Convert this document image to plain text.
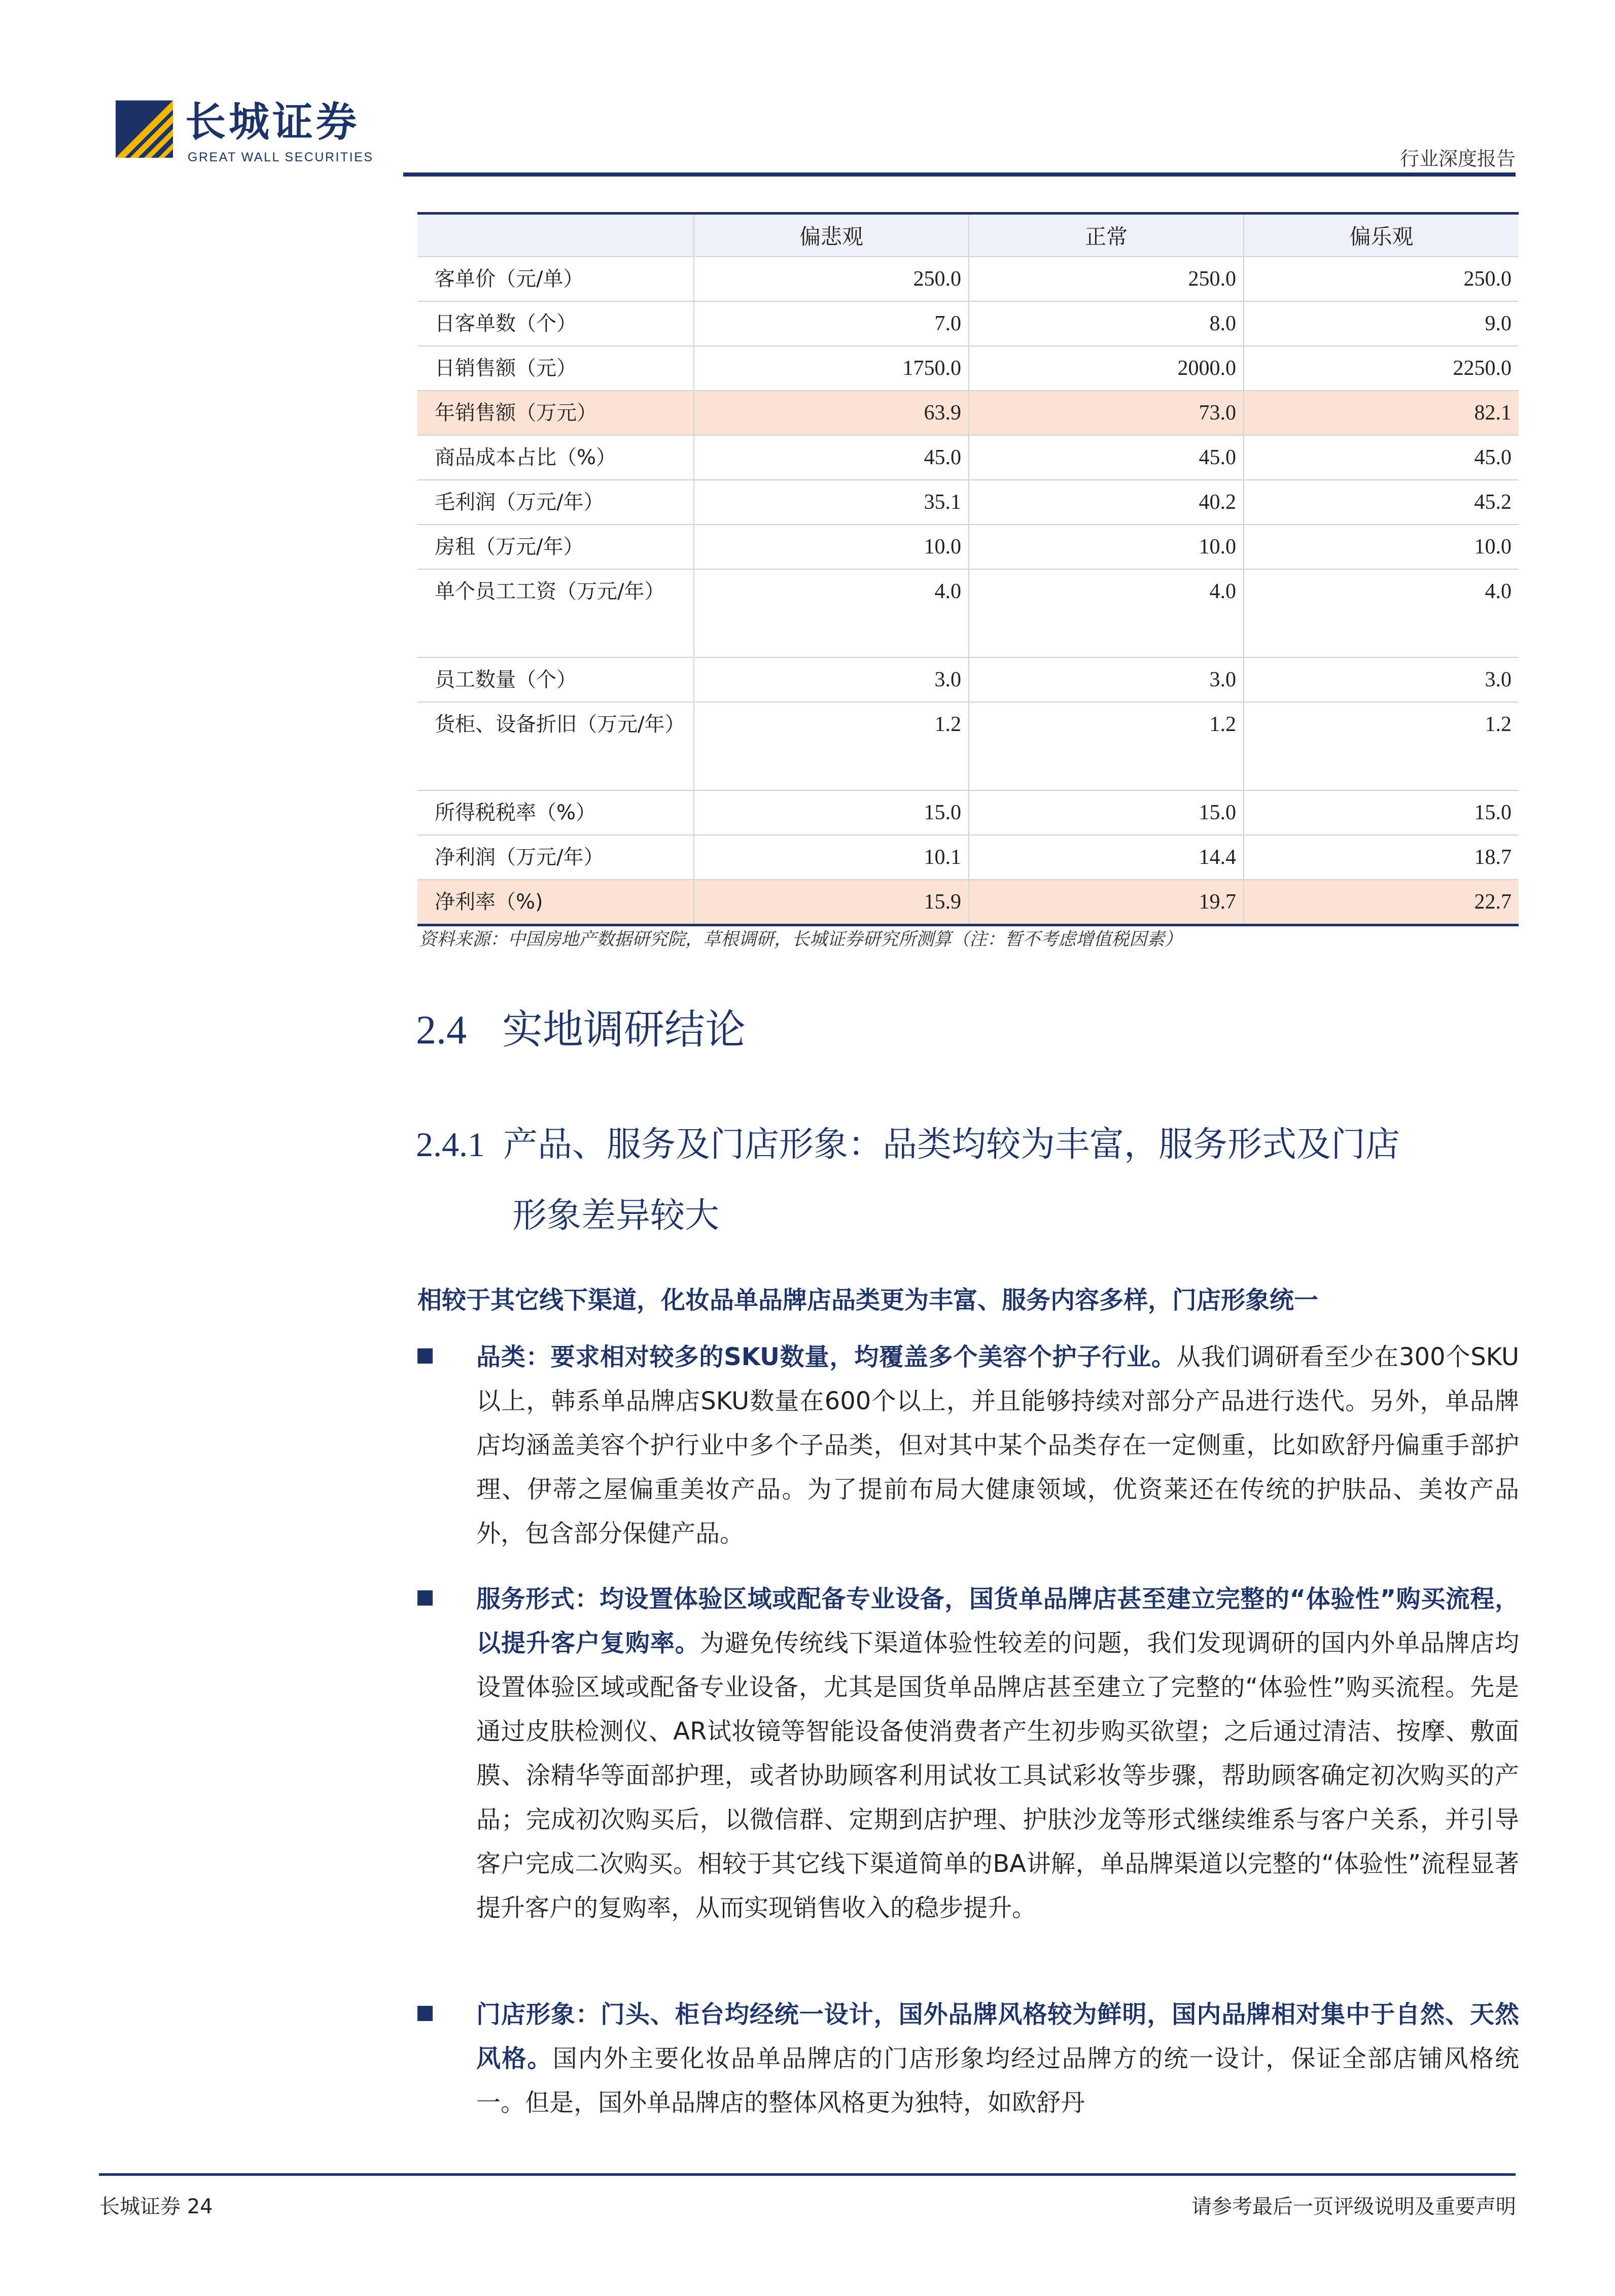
长城证券
GREAT WALL SECURITIES	行业深度报告
	偏悲观	正常	偏乐观
客单价（元/单）	250.0	250.0	250.0
日客单数（个）	7.0	8.0	9.0
日销售额（元）	1750.0	2000.0	2250.0
年销售额（万元）	63.9	73.0	82.1
商品成本占比（%）	45.0	45.0	45.0
毛利润（万元/年）	35.1	40.2	45.2
房租（万元/年）	10.0	10.0	10.0
单个员工工资（万元/年）	4.0	4.0	4.0
员工数量（个）	3.0	3.0	3.0
货柜、设备折旧（万元/年）	1.2	1.2	1.2
所得税税率（%）	15.0	15.0	15.0
净利润（万元/年）	10.1	14.4	18.7
净利率（%)	15.9	19.7	22.7
资料来源：中国房地产数据研究院，草根调研，长城证券研究所测算（注：暂不考虑增值税因素）
2.4 实地调研结论
2.4.1 产品、服务及门店形象：品类均较为丰富，服务形式及门店
形象差异较大
相较于其它线下渠道，化妆品单品牌店品类更为丰富、服务内容多样，门店形象统一
品类：要求相对较多的SKU数量，均覆盖多个美容个护子行业。从我们调研看至少在300个SKU以上，韩系单品牌店SKU数量在600个以上，并且能够持续对部分产品进行迭代。另外，单品牌店均涵盖美容个护行业中多个子品类，但对其中某个品类存在一定侧重，比如欧舒丹偏重手部护理、伊蒂之屋偏重美妆产品。为了提前布局大健康领域，优资莱还在传统的护肤品、美妆产品外，包含部分保健产品。
服务形式：均设置体验区域或配备专业设备，国货单品牌店甚至建立完整的“体验性”购买流程，以提升客户复购率。为避免传统线下渠道体验性较差的问题，我们发现调研的国内外单品牌店均设置体验区域或配备专业设备，尤其是国货单品牌店甚至建立了完整的“体验性”购买流程。先是通过皮肤检测仪、AR试妆镜等智能设备使消费者产生初步购买欲望；之后通过清洁、按摩、敷面膜、涂精华等面部护理，或者协助顾客利用试妆工具试彩妆等步骤，帮助顾客确定初次购买的产品；完成初次购买后，以微信群、定期到店护理、护肤沙龙等形式继续维系与客户关系，并引导客户完成二次购买。相较于其它线下渠道简单的BA讲解，单品牌渠道以完整的“体验性”流程显著提升客户的复购率，从而实现销售收入的稳步提升。
门店形象：门头、柜台均经统一设计，国外品牌风格较为鲜明，国内品牌相对集中于自然、天然风格。国内外主要化妆品单品牌店的门店形象均经过品牌方的统一设计，保证全部店铺风格统一。但是，国外单品牌店的整体风格更为独特，如欧舒丹
长城证券 24	请参考最后一页评级说明及重要声明
